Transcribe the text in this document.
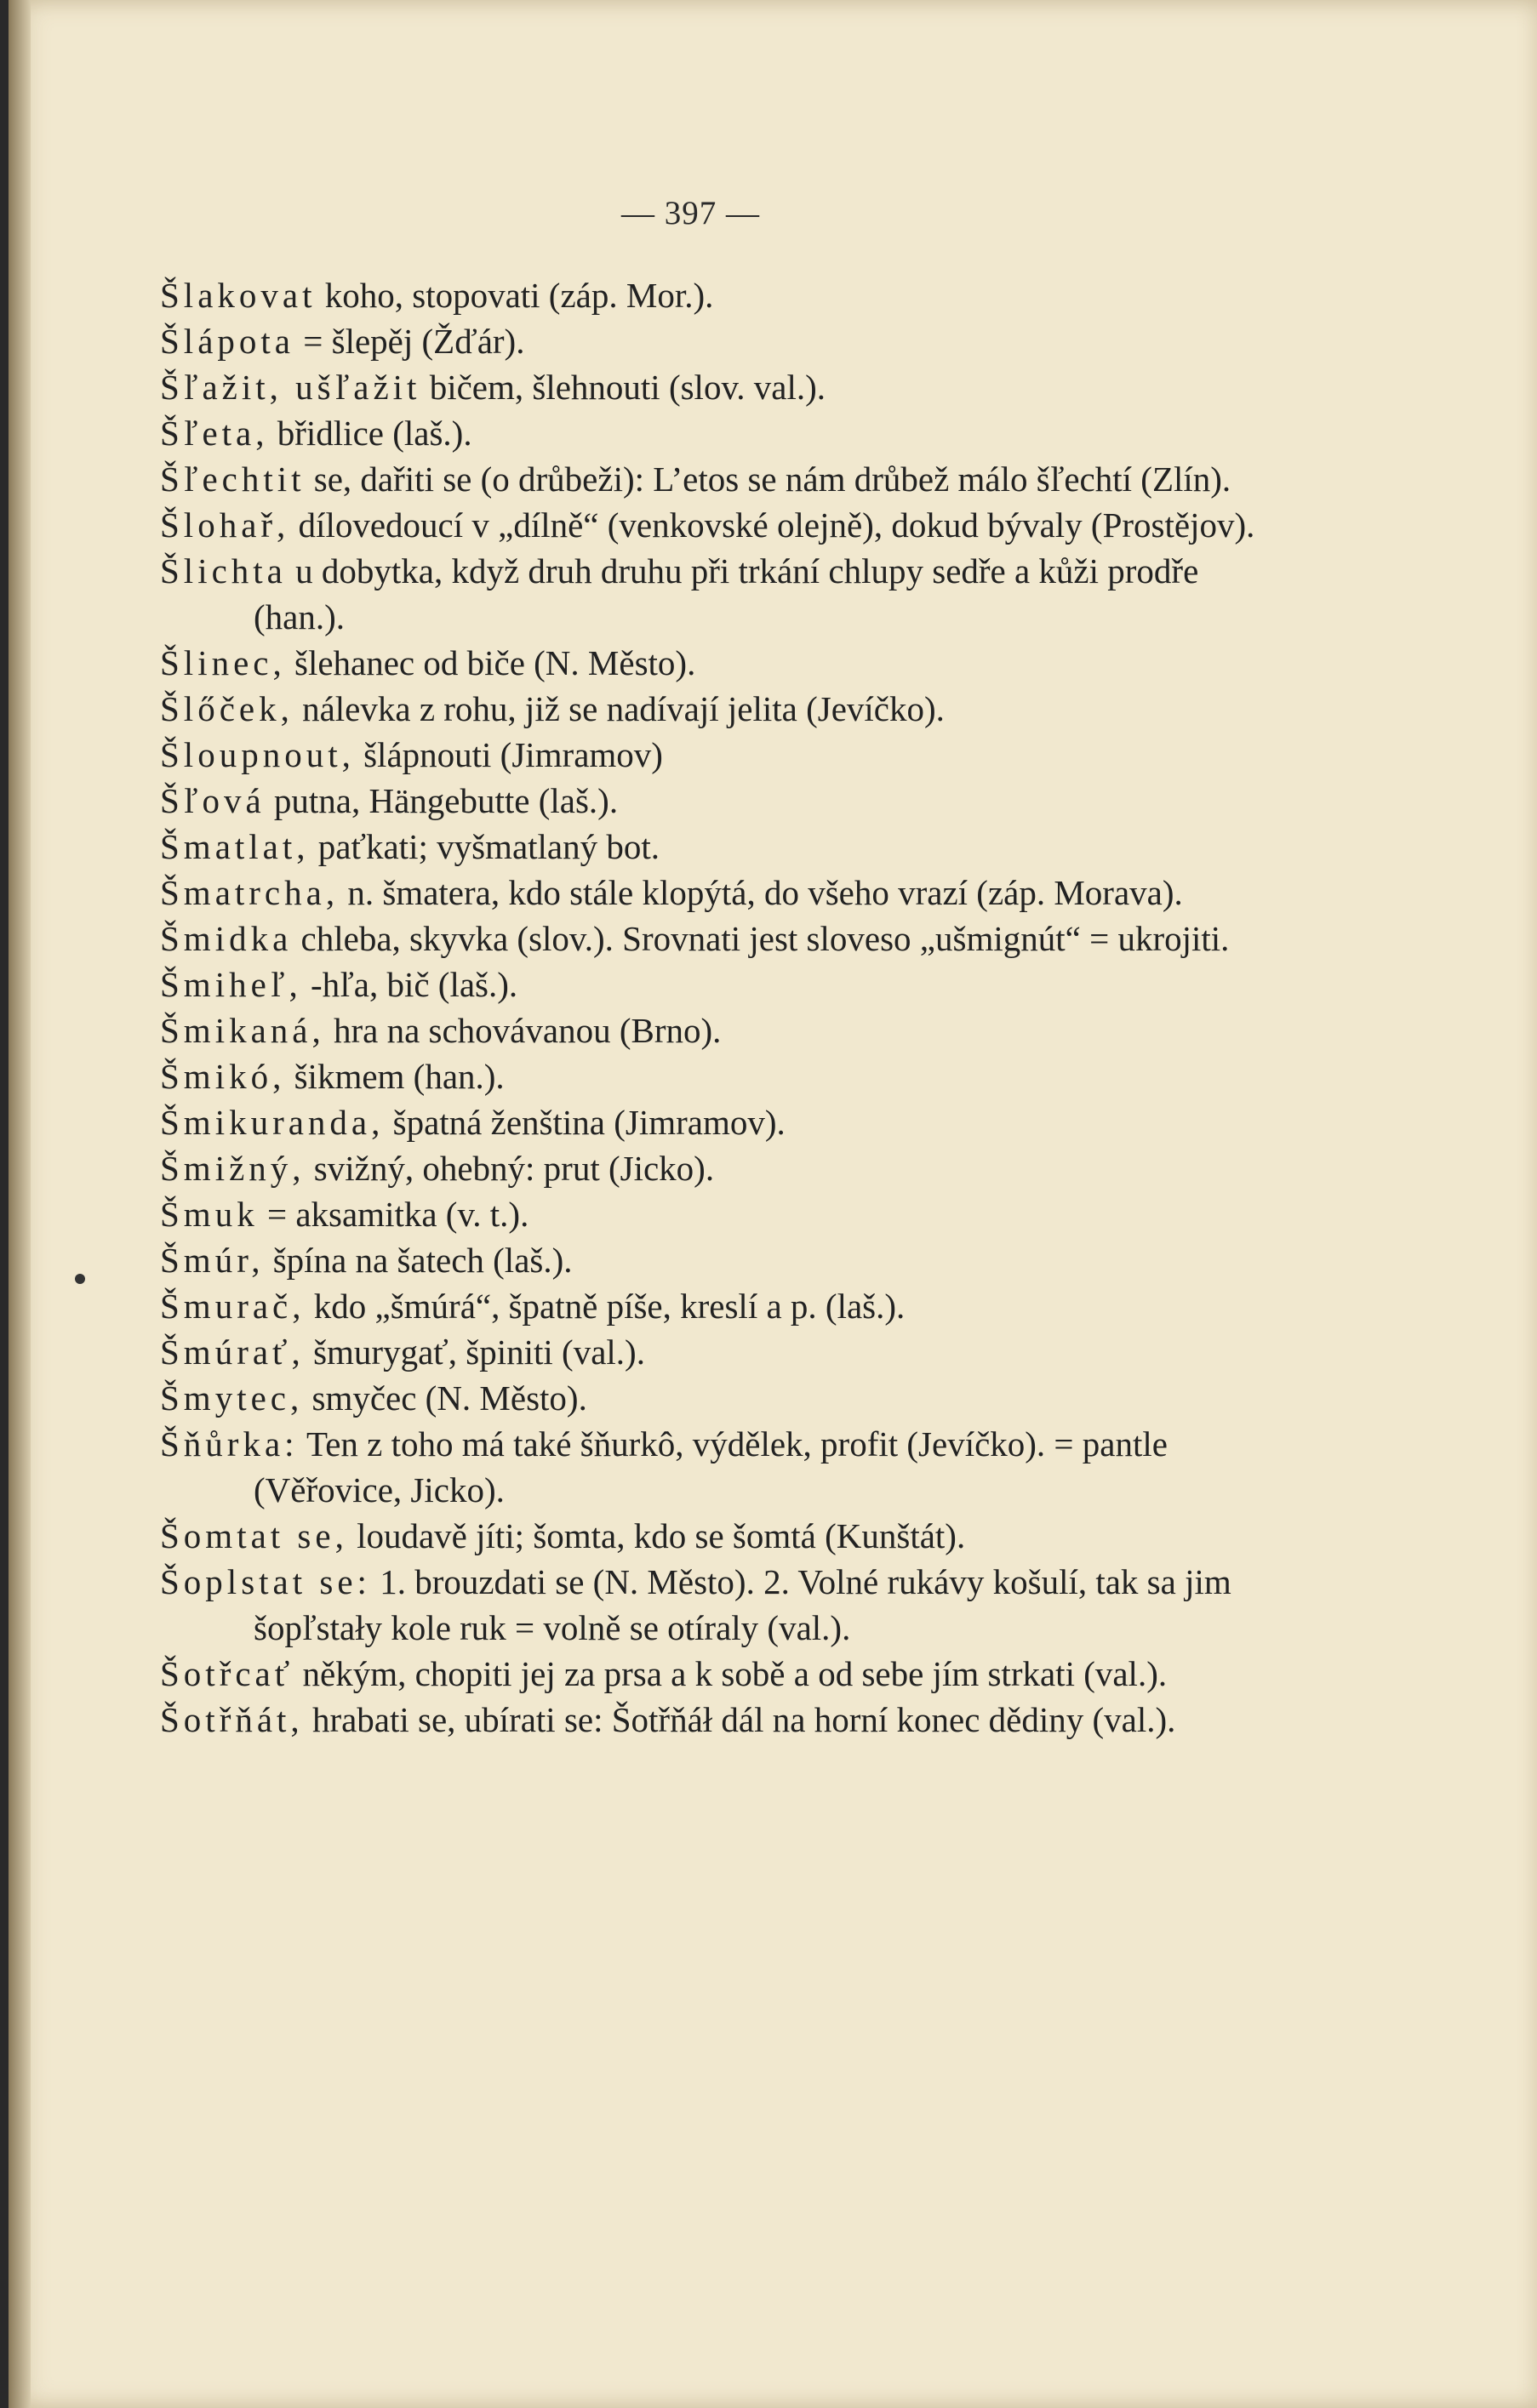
— 397 —

Šlakovat koho, stopovati (záp. Mor.).

Šlápota = šlepěj (Žďár).

Šľažit, ušľažit bičem, šlehnouti (slov. val.).

Šľeta, břidlice (laš.).

Šľechtit se, dařiti se (o drůbeži): L’etos se nám drůbež málo šľechtí (Zlín).

Šlohař, dílovedoucí v „dílně“ (venkovské olejně), dokud bývaly (Prostějov).

Šlichta u dobytka, když druh druhu při trkání chlupy sedře a kůži prodře (han.).

Šlinec, šlehanec od biče (N. Město).

Šlőček, nálevka z rohu, již se nadívají jelita (Jevíčko).

Šloupnout, šlápnouti (Jimramov)

Šľová putna, Hängebutte (laš.).

Šmatlat, paťkati; vyšmatlaný bot.

Šmatrcha, n. šmatera, kdo stále klopýtá, do všeho vrazí (záp. Morava).

Šmidka chleba, skyvka (slov.). Srovnati jest sloveso „ušmignút“ = ukrojiti.

Šmiheľ, -hľa, bič (laš.).

Šmikaná, hra na schovávanou (Brno).

Šmikó, šikmem (han.).

Šmikuranda, špatná ženština (Jimramov).

Šmižný, svižný, ohebný: prut (Jicko).

Šmuk = aksamitka (v. t.).

Šmúr, špína na šatech (laš.).

Šmurač, kdo „šmúrá“, špatně píše, kreslí a p. (laš.).

Šmúrať, šmurygať, špiniti (val.).

Šmytec, smyčec (N. Město).

Šňůrka: Ten z toho má také šňurkô, výdělek, profit (Jevíčko). = pantle (Věřovice, Jicko).

Šomtat se, loudavě jíti; šomta, kdo se šomtá (Kunštát).

Šoplstat se: 1. brouzdati se (N. Město). 2. Volné rukávy košulí, tak sa jim šopľstały kole ruk = volně se otíraly (val.).

Šotřcať někým, chopiti jej za prsa a k sobě a od sebe jím strkati (val.).

Šotřňát, hrabati se, ubírati se: Šotřňáł dál na horní konec dědiny (val.).
